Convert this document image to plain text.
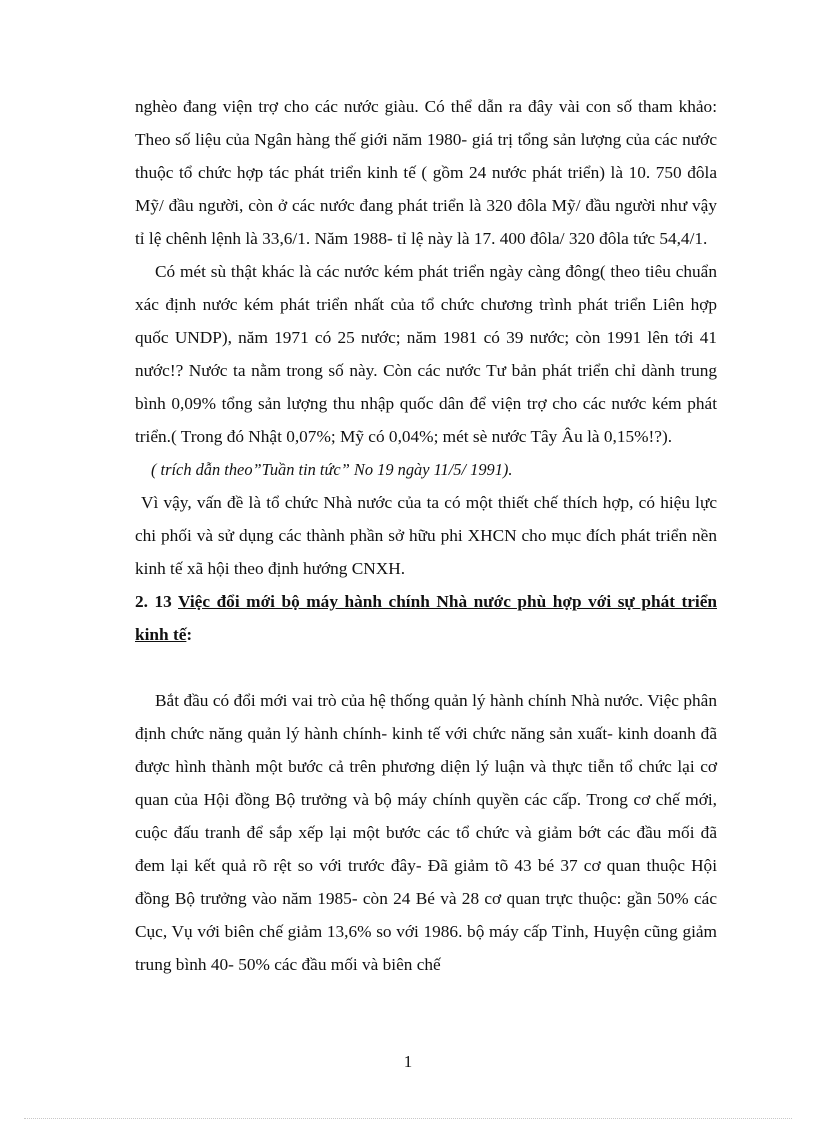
nghèo đang viện trợ cho các nước giàu. Có thể dẫn ra đây vài con số tham khảo: Theo số liệu của Ngân hàng thế giới năm 1980- giá trị tổng sản lượng của các nước thuộc tổ chức hợp tác phát triển kinh tế ( gồm 24 nước phát triển) là 10. 750 đôla Mỹ/ đầu người, còn ở các nước đang phát triển là 320 đôla Mỹ/ đầu người như vậy tỉ lệ chênh lệnh là 33,6/1. Năm 1988- tỉ lệ này là 17. 400 đôla/ 320 đôla tức 54,4/1.

Có mét sù thật khác là các nước kém phát triển ngày càng đông( theo tiêu chuẩn xác định nước kém phát triển nhất của tổ chức chương trình phát triển Liên hợp quốc UNDP), năm 1971 có 25 nước; năm 1981 có 39 nước; còn 1991 lên tới 41 nước!? Nước ta nằm trong số này. Còn các nước Tư bản phát triển chỉ dành trung bình 0,09% tổng sản lượng thu nhập quốc dân để viện trợ cho các nước kém phát triển.( Trong đó Nhật 0,07%; Mỹ có 0,04%; mét sè nước Tây Âu là 0,15%!?).

( trích dẫn theo”Tuần tin tức” No 19 ngày 11/5/ 1991).

Vì vậy, vấn đề là tổ chức Nhà nước của ta có một thiết chế thích hợp, có hiệu lực chi phối và sử dụng các thành phần sở hữu phi XHCN cho mục đích phát triển nền kinh tế xã hội theo định hướng CNXH.

2. 13 Việc đổi mới bộ máy hành chính Nhà nước phù hợp với sự phát triển kinh tế:

Bắt đầu có đổi mới vai trò của hệ thống quản lý hành chính Nhà nước. Việc phân định chức năng quản lý hành chính- kinh tế với chức năng sản xuất- kinh doanh đã được hình thành một bước cả trên phương diện lý luận và thực tiễn tổ chức lại cơ quan của Hội đồng Bộ trưởng và bộ máy chính quyền các cấp. Trong cơ chế mới, cuộc đấu tranh để sắp xếp lại một bước các tổ chức và giảm bớt các đầu mối đã đem lại kết quả rõ rệt so với trước đây- Đã giảm tõ 43 bé 37 cơ quan thuộc Hội đồng Bộ trưởng vào năm 1985- còn 24 Bé và 28 cơ quan trực thuộc: gần 50% các Cục, Vụ với biên chế giảm 13,6% so với 1986. bộ máy cấp Tỉnh, Huyện cũng giảm trung bình 40- 50% các đầu mối và biên chế

1
